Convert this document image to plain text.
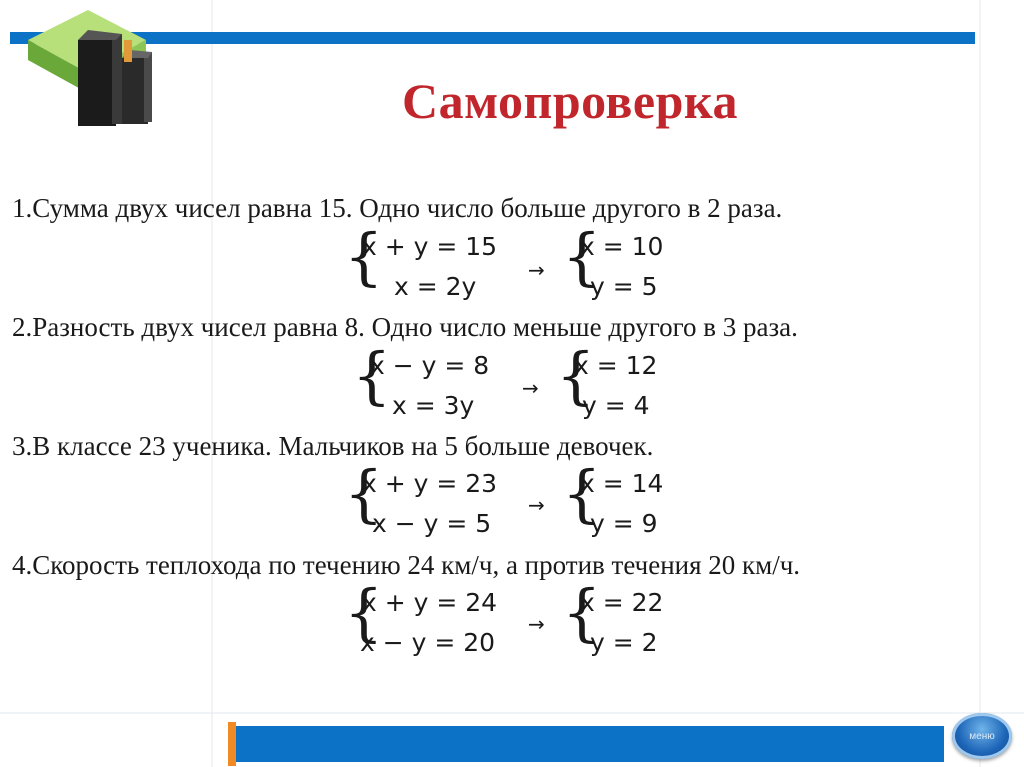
Самопроверка
1.Сумма двух чисел равна 15. Одно число больше другого в 2 раза.
{
x + y = 15
x = 2y
→ {
x = 10
y = 5
2.Разность двух чисел равна 8. Одно число меньше другого в 3 раза.
{
x − y = 8
x = 3y
→ {
x = 12
y = 4
3.В классе 23 ученика. Мальчиков на 5 больше девочек.
{
x + y = 23
x − y = 5
→ {
x = 14
y = 9
4.Скорость теплохода по течению 24 км/ч, а против течения 20 км/ч.
{
x + y = 24
x − y = 20
→ {
x = 22
y = 2
меню
